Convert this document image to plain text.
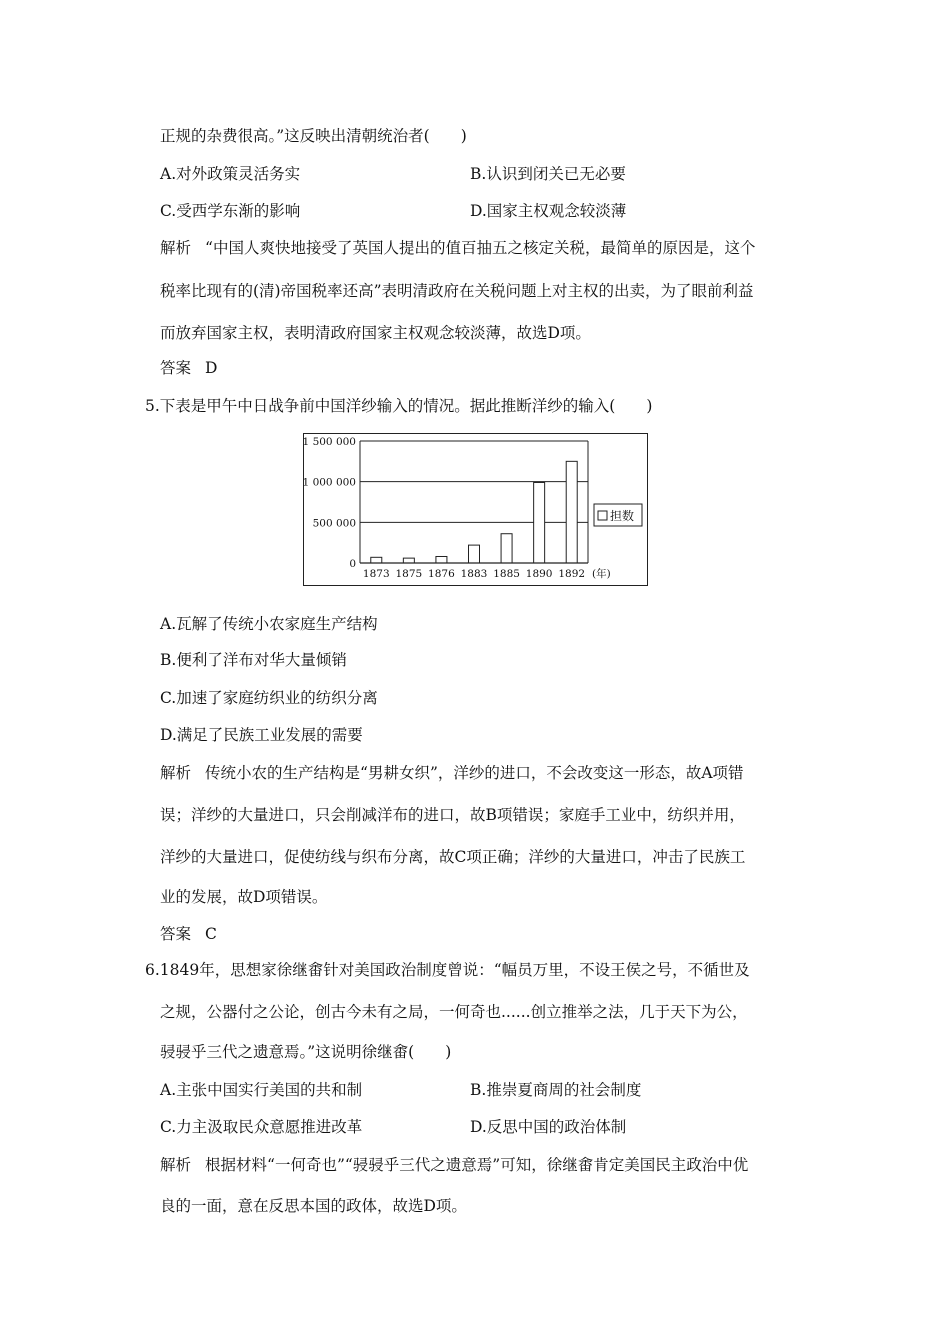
正规的杂费很高。”这反映出清朝统治者(　　)
A.对外政策灵活务实	B.认识到闭关已无必要
C.受西学东渐的影响	D.国家主权观念较淡薄
解析 “中国人爽快地接受了英国人提出的值百抽五之核定关税，最简单的原因是，这个
税率比现有的(清)帝国税率还高”表明清政府在关税问题上对主权的出卖，为了眼前利益
而放弃国家主权，表明清政府国家主权观念较淡薄，故选D项。
答案 D
5.下表是甲午中日战争前中国洋纱输入的情况。据此推断洋纱的输入(　　)
0
500 000
1 000 000
1 500 000
1873 1875 1876 1883 1885 1890 1892 (年)
担数
A.瓦解了传统小农家庭生产结构
B.便利了洋布对华大量倾销
C.加速了家庭纺织业的纺织分离
D.满足了民族工业发展的需要
解析 传统小农的生产结构是“男耕女织”，洋纱的进口，不会改变这一形态，故A项错
误；洋纱的大量进口，只会削减洋布的进口，故B项错误；家庭手工业中，纺织并用，
洋纱的大量进口，促使纺线与织布分离，故C项正确；洋纱的大量进口，冲击了民族工
业的发展，故D项错误。
答案 C
6.1849年，思想家徐继畬针对美国政治制度曾说：“幅员万里，不设王侯之号，不循世及
之规，公器付之公论，创古今未有之局，一何奇也......创立推举之法，几于天下为公，
骎骎乎三代之遗意焉。”这说明徐继畬(　　)
A.主张中国实行美国的共和制	B.推崇夏商周的社会制度
C.力主汲取民众意愿推进改革	D.反思中国的政治体制
解析 根据材料“一何奇也”“骎骎乎三代之遗意焉”可知，徐继畬肯定美国民主政治中优
良的一面，意在反思本国的政体，故选D项。
